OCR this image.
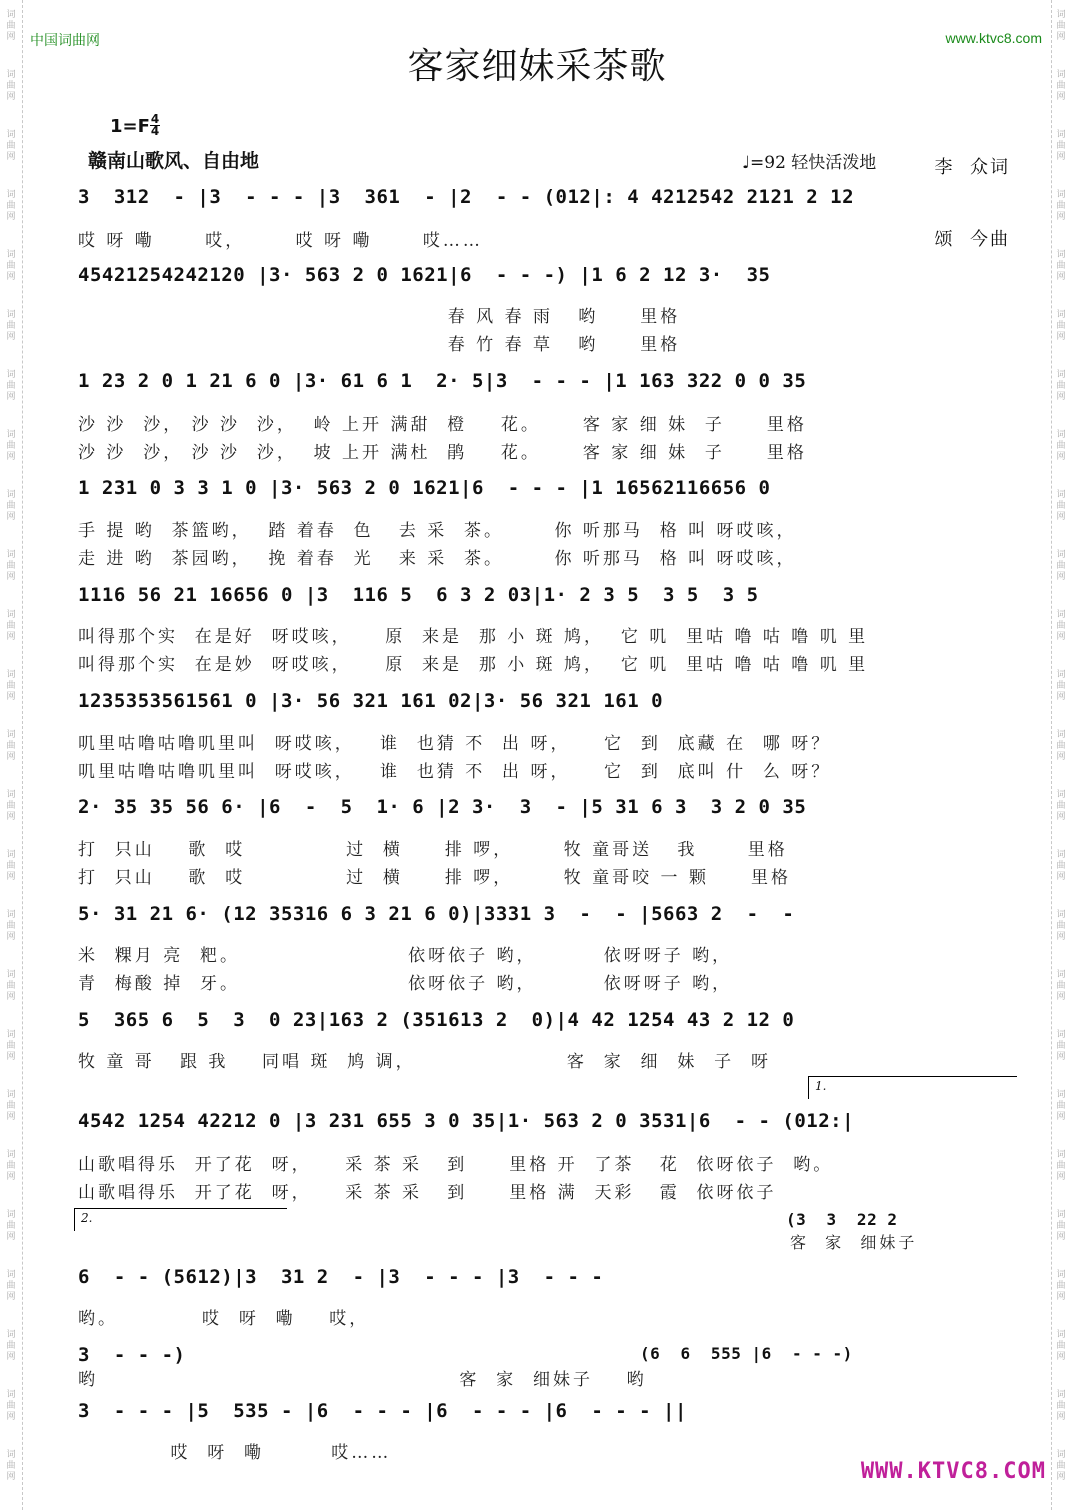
词
曲
网
词
曲
网
词
曲
网
词
曲
网
词
曲
网
词
曲
网
词
曲
网
词
曲
网
词
曲
网
词
曲
网
词
曲
网
词
曲
网
词
曲
网
词
曲
网
词
曲
网
词
曲
网
词
曲
网
词
曲
网
词
曲
网
词
曲
网
词
曲
网
词
曲
网
词
曲
网
词
曲
网
词
曲
网
词
曲
网
词
曲
网
词
曲
网
词
曲
网
词
曲
网
词
曲
网
词
曲
网
词
曲
网
词
曲
网
词
曲
网
词
曲
网
词
曲
网
词
曲
网
词
曲
网
词
曲
网
词
曲
网
词
曲
网
词
曲
网
词
曲
网
词
曲
网
词
曲
网
词
曲
网
词
曲
网
词
曲
网
词
曲
网
中国词曲网	www.ktvc8.com
客家细妹采茶歌

李  众词

颂  今曲

1=F 4
4
赣南山歌风、自由地	♩=92 轻快活泼地
3  312  - |3  - - - |3  361  - |2  - - (012|: 4 4212542 2121 2 12
哎 呀 嘞      哎，      哎 呀 嘞      哎……
45421254242120 |3· 563 2 0 1621|6  - - -) |1 6 2 12 3·  35
春 风 春 雨   哟     里格
春 竹 春 草   哟     里格
1 23 2 0 1 21 6 0 |3· 61 6 1  2· 5|3  - - - |1 163 322 0 0 35
沙 沙  沙， 沙 沙  沙，  岭 上开 满甜  橙    花。     客 家 细 妹  子     里格
沙 沙  沙， 沙 沙  沙，  坡 上开 满杜  鹃    花。     客 家 细 妹  子     里格
1 231 0 3 3 1 0 |3· 563 2 0 1621|6  - - - |1 16562116656 0
手 提 哟  茶篮哟，  踏 着春  色   去 采  茶。      你 听那马  格 叫 呀哎咳，
走 进 哟  茶园哟，  挽 着春  光   来 采  茶。      你 听那马  格 叫 呀哎咳，
1116 56 21 16656 0 |3  116 5  6 3 2 03|1· 2 3 5  3 5  3 5
叫得那个实  在是好  呀哎咳，    原  来是  那 小 斑 鸠，  它 叽  里咕 噜 咕 噜 叽 里
叫得那个实  在是妙  呀哎咳，    原  来是  那 小 斑 鸠，  它 叽  里咕 噜 咕 噜 叽 里
1235353561561 0 |3· 56 321 161 02|3· 56 321 161 0
叽里咕噜咕噜叽里叫  呀哎咳，   谁  也猜 不  出 呀，    它  到  底藏 在  哪 呀？
叽里咕噜咕噜叽里叫  呀哎咳，   谁  也猜 不  出 呀，    它  到  底叫 什  么 呀？
2· 35 35 56 6· |6  -  5  1· 6 |2 3·  3  - |5 31 6 3  3 2 0 35
打  只山    歌  哎            过  横     排 啰，      牧 童哥送   我      里格
打  只山    歌  哎            过  横     排 啰，      牧 童哥咬 一 颗     里格
5· 31 21 6· (12 35316 6 3 21 6 0)|3331 3  -  - |5663 2  -  -
米  粿月 亮  粑。                    依呀依子 哟，        依呀呀子 哟，
青  梅酸 掉  牙。                    依呀依子 哟，        依呀呀子 哟，
5  365 6  5  3  0 23|163 2 (351613 2  0)|4 42 1254 43 2 12 0
牧 童 哥   跟 我    同唱 斑  鸠 调，                  客  家  细  妹  子  呀
1.
4542 1254 42212 0 |3 231 655 3 0 35|1· 563 2 0 3531|6  - - (012:|
山歌唱得乐  开了花  呀，    采 茶 采   到     里格 开  了茶   花  依呀依子  哟。
山歌唱得乐  开了花  呀，    采 茶 采   到     里格 满  天彩   霞  依呀依子
2.	(3  3  22 2
客  家  细妹子
6  - - (5612)|3  31 2  - |3  - - - |3  - - -
哟。          哎  呀  嘞    哎，
3  - - -)	(6  6  555 |6  - - -)
哟                                           客  家  细妹子    哟
3  - - - |5  535 - |6  - - - |6  - - - |6  - - - ||
哎  呀  嘞        哎……
WWW.KTVC8.COM
